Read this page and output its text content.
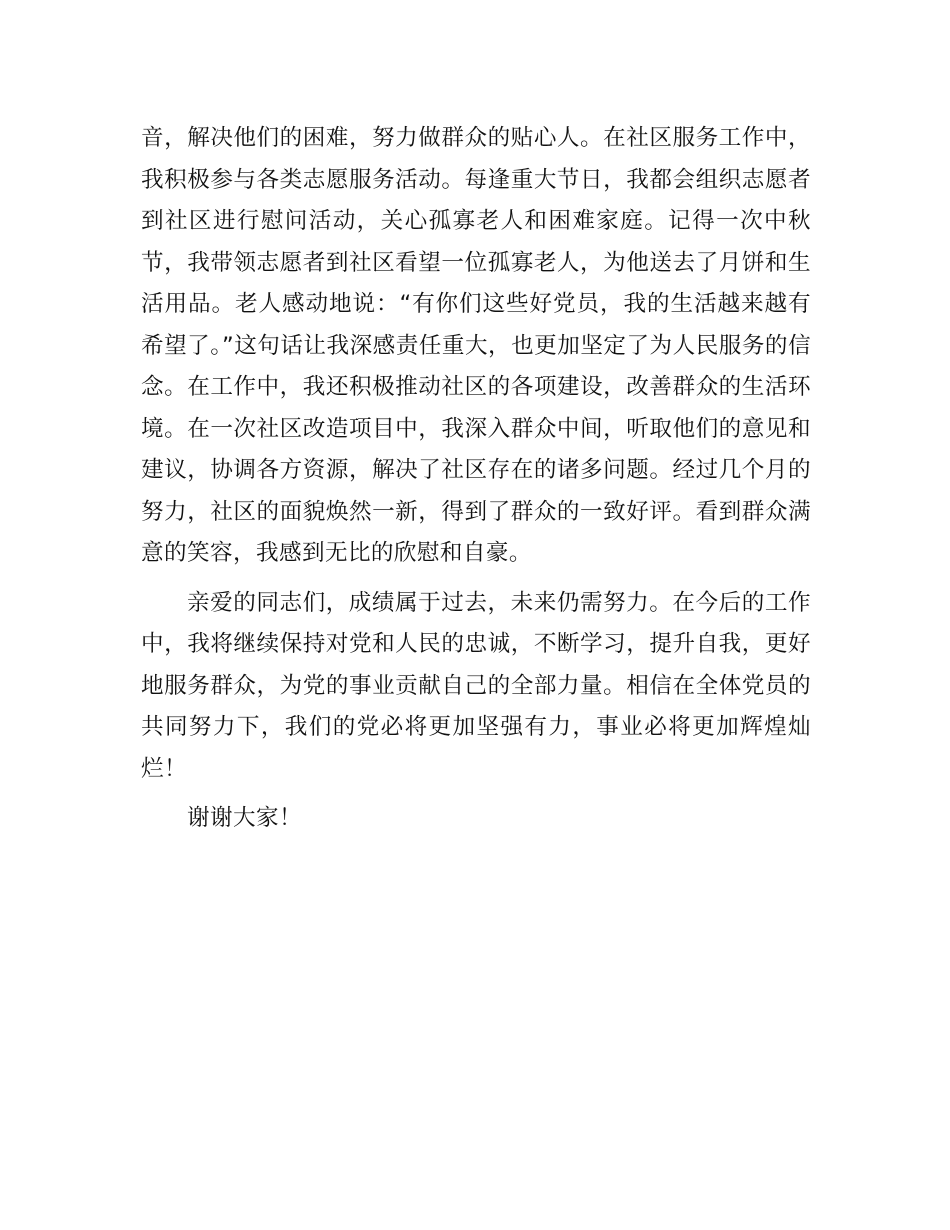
音，解决他们的困难，努力做群众的贴心人。在社区服务工作中，我积极参与各类志愿服务活动。每逢重大节日，我都会组织志愿者到社区进行慰问活动，关心孤寡老人和困难家庭。记得一次中秋节，我带领志愿者到社区看望一位孤寡老人，为他送去了月饼和生活用品。老人感动地说：“有你们这些好党员，我的生活越来越有希望了。”这句话让我深感责任重大，也更加坚定了为人民服务的信念。在工作中，我还积极推动社区的各项建设，改善群众的生活环境。在一次社区改造项目中，我深入群众中间，听取他们的意见和建议，协调各方资源，解决了社区存在的诸多问题。经过几个月的努力，社区的面貌焕然一新，得到了群众的一致好评。看到群众满意的笑容，我感到无比的欣慰和自豪。

亲爱的同志们，成绩属于过去，未来仍需努力。在今后的工作中，我将继续保持对党和人民的忠诚，不断学习，提升自我，更好地服务群众，为党的事业贡献自己的全部力量。相信在全体党员的共同努力下，我们的党必将更加坚强有力，事业必将更加辉煌灿烂！

谢谢大家！
